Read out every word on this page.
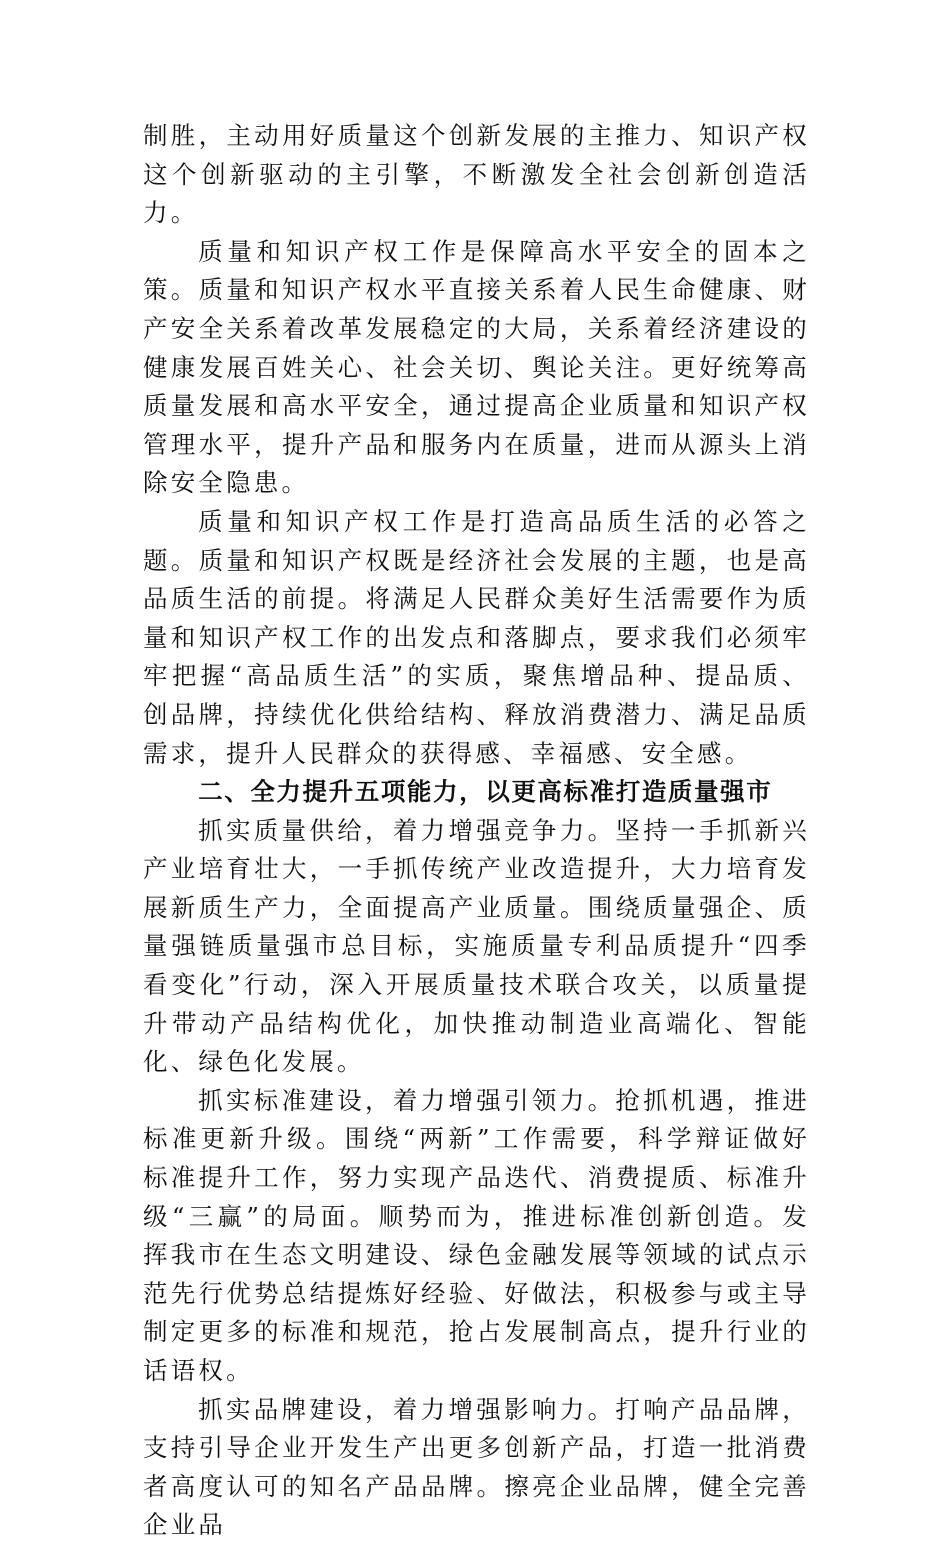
制胜，主动用好质量这个创新发展的主推力、知识产权这个创新驱动的主引擎，不断激发全社会创新创造活力。

质量和知识产权工作是保障高水平安全的固本之策。质量和知识产权水平直接关系着人民生命健康、财产安全关系着改革发展稳定的大局，关系着经济建设的健康发展百姓关心、社会关切、舆论关注。更好统筹高质量发展和高水平安全，通过提高企业质量和知识产权管理水平，提升产品和服务内在质量，进而从源头上消除安全隐患。

质量和知识产权工作是打造高品质生活的必答之题。质量和知识产权既是经济社会发展的主题，也是高品质生活的前提。将满足人民群众美好生活需要作为质量和知识产权工作的出发点和落脚点，要求我们必须牢牢把握“高品质生活”的实质，聚焦增品种、提品质、创品牌，持续优化供给结构、释放消费潜力、满足品质需求，提升人民群众的获得感、幸福感、安全感。

二、全力提升五项能力，以更高标准打造质量强市

抓实质量供给，着力增强竞争力。坚持一手抓新兴产业培育壮大，一手抓传统产业改造提升，大力培育发展新质生产力，全面提高产业质量。围绕质量强企、质量强链质量强市总目标，实施质量专利品质提升“四季看变化”行动，深入开展质量技术联合攻关，以质量提升带动产品结构优化，加快推动制造业高端化、智能化、绿色化发展。

抓实标准建设，着力增强引领力。抢抓机遇，推进标准更新升级。围绕“两新”工作需要，科学辩证做好标准提升工作，努力实现产品迭代、消费提质、标准升级“三赢”的局面。顺势而为，推进标准创新创造。发挥我市在生态文明建设、绿色金融发展等领域的试点示范先行优势总结提炼好经验、好做法，积极参与或主导制定更多的标准和规范，抢占发展制高点，提升行业的话语权。

抓实品牌建设，着力增强影响力。打响产品品牌，支持引导企业开发生产出更多创新产品，打造一批消费者高度认可的知名产品品牌。擦亮企业品牌，健全完善企业品
